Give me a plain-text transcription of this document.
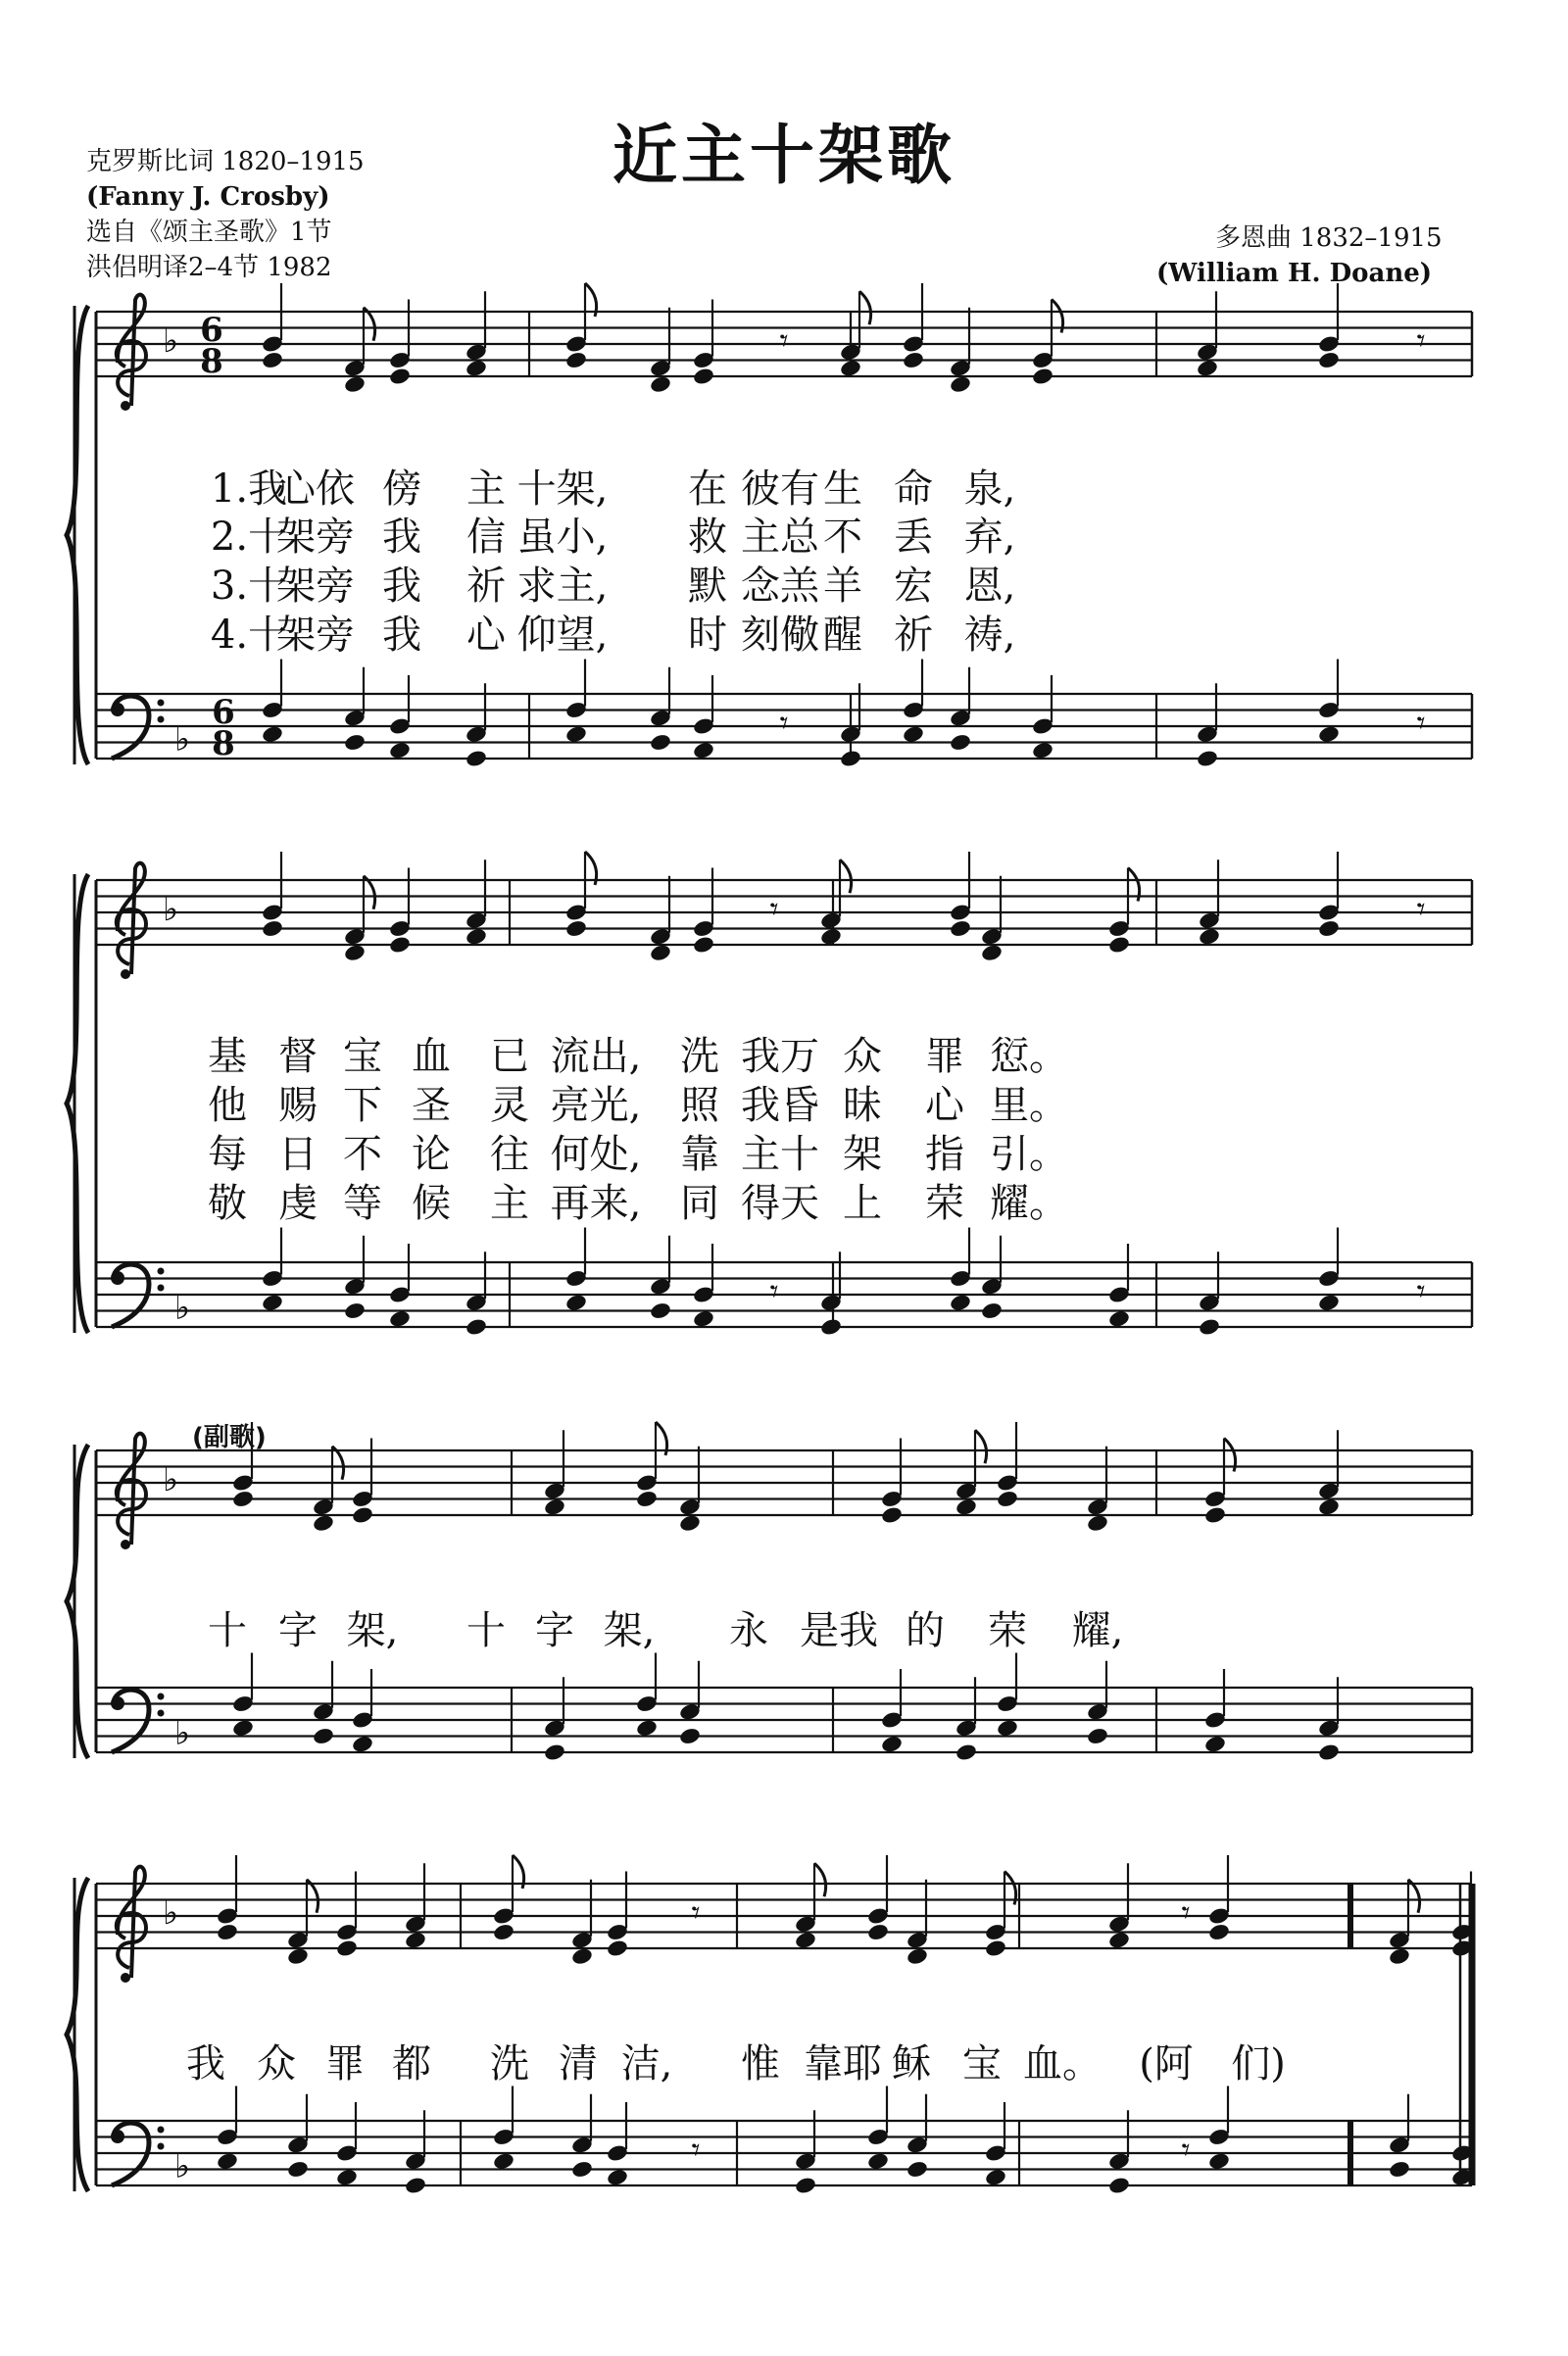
近主十架歌
克罗斯比词 1820–1915
(Fanny J. Crosby)
选自《颂主圣歌》1节
洪侣明译2–4节 1982
多恩曲 1832–1915
(William H. Doane)
(副歌)
♭
♭
6
8
6
8
𝄾
𝄾
𝄾
𝄾
♭
♭
𝄾
𝄾
𝄾
𝄾
♭
♭
♭
♭
𝄾
𝄾
𝄾
𝄾
1.我
心依 傍 主 十架, 在 彼有 生 命 泉,
2.十
架旁 我 信 虽小, 救 主总 不 丢 弃,
3.十
架旁 我 祈 求主, 默 念羔 羊 宏 恩,
4.十
架旁 我 心 仰望, 时 刻儆 醒 祈 祷,
基 督 宝 血 已 流出, 洗 我万 众 罪 愆。
他 赐 下 圣 灵 亮光, 照 我昏 昧 心 里。
每 日 不 论 往 何处, 靠 主十 架 指 引。
敬 虔 等 候 主 再来, 同 得天 上 荣 耀。
十 字 架, 十 字 架, 永 是我 的 荣 耀,
我 众 罪 都 洗 清 洁, 惟 靠耶 稣 宝 血。 (阿 们)
